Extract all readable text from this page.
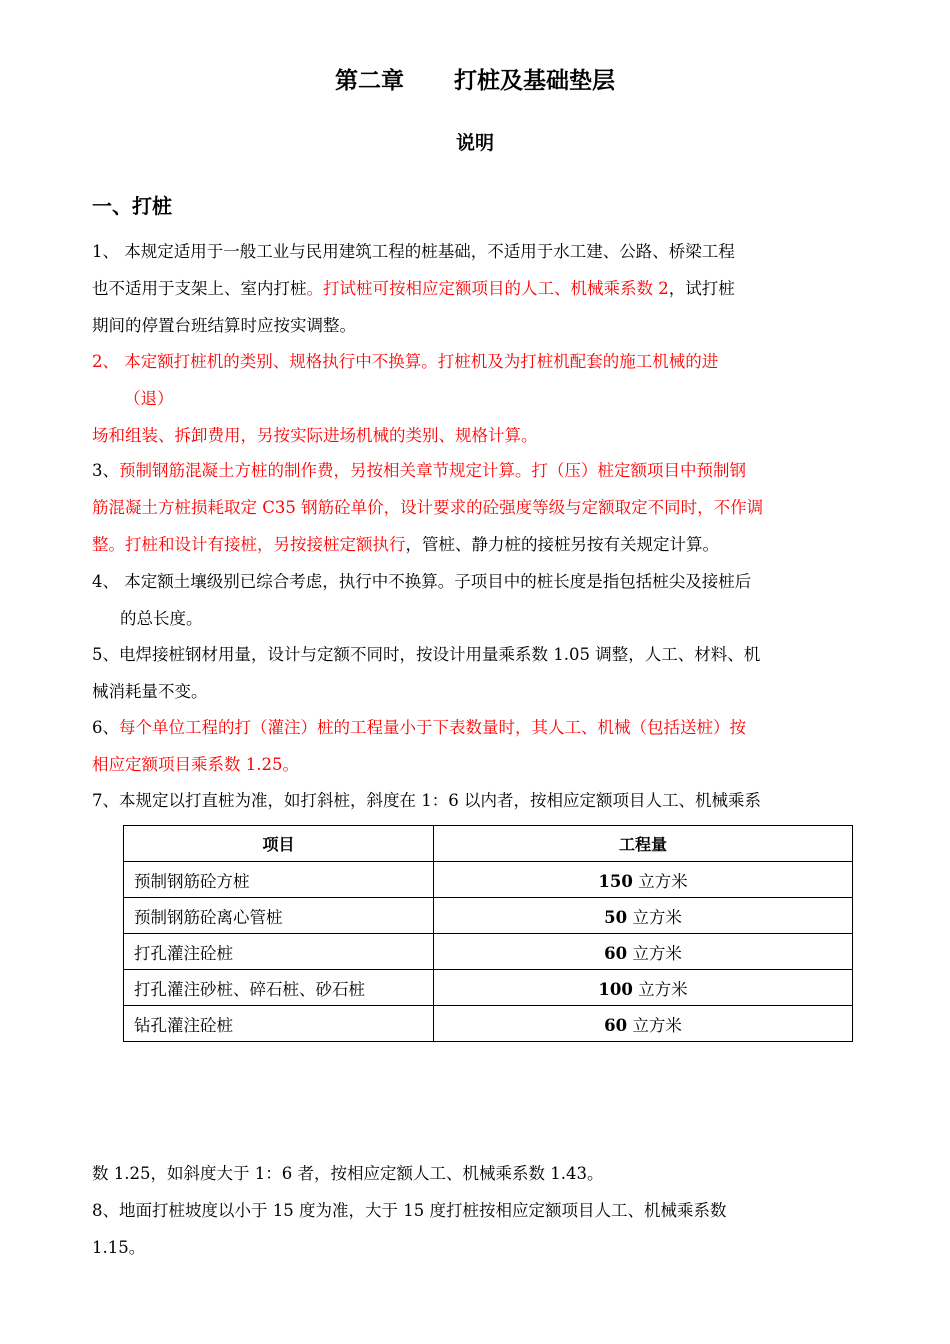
第二章 打桩及基础垫层
说明
一、打桩
1、 本规定适用于一般工业与民用建筑工程的桩基础，不适用于水工建、公路、桥梁工程
也不适用于支架上、室内打桩。打试桩可按相应定额项目的人工、机械乘系数 2，试打桩
期间的停置台班结算时应按实调整。
2、 本定额打桩机的类别、规格执行中不换算。打桩机及为打桩机配套的施工机械的进
（退）
场和组装、拆卸费用，另按实际进场机械的类别、规格计算。
3、预制钢筋混凝土方桩的制作费，另按相关章节规定计算。打（压）桩定额项目中预制钢
筋混凝土方桩损耗取定 C35 钢筋砼单价，设计要求的砼强度等级与定额取定不同时，不作调
整。打桩和设计有接桩，另按接桩定额执行，管桩、静力桩的接桩另按有关规定计算。
4、 本定额土壤级别已综合考虑，执行中不换算。子项目中的桩长度是指包括桩尖及接桩后
的总长度。
5、电焊接桩钢材用量，设计与定额不同时，按设计用量乘系数 1.05 调整，人工、材料、机
械消耗量不变。
6、每个单位工程的打（灌注）桩的工程量小于下表数量时，其人工、机械（包括送桩）按
相应定额项目乘系数 1.25。
7、本规定以打直桩为准，如打斜桩，斜度在 1：6 以内者，按相应定额项目人工、机械乘系
项目	工程量
预制钢筋砼方桩	150 立方米
预制钢筋砼离心管桩	50 立方米
打孔灌注砼桩	60 立方米
打孔灌注砂桩、碎石桩、砂石桩	100 立方米
钻孔灌注砼桩	60 立方米
数 1.25，如斜度大于 1：6 者，按相应定额人工、机械乘系数 1.43。
8、地面打桩坡度以小于 15 度为准，大于 15 度打桩按相应定额项目人工、机械乘系数
1.15。
